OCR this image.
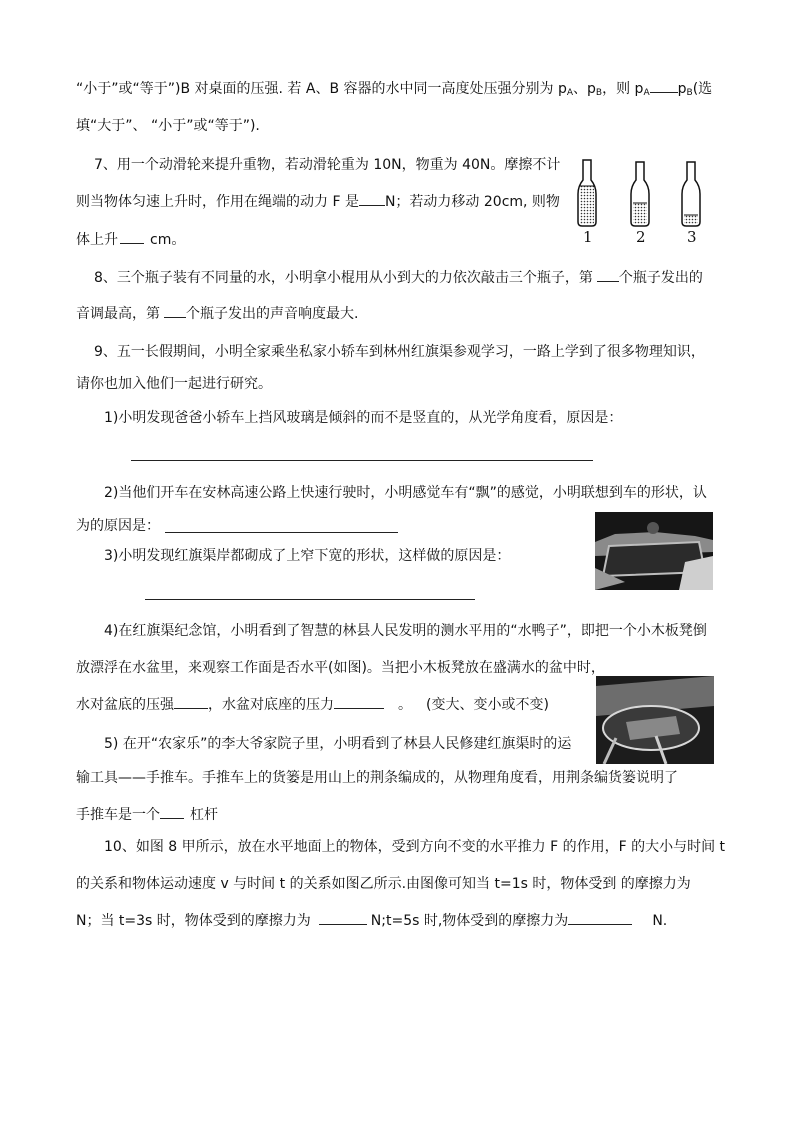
“小于”或“等于”)B 对桌面的压强. 若 A、B 容器的水中同一高度处压强分别为 $p_A$、$p_B$，则 $p_A$ $p_B$(选
填“大于”、 “小于”或“等于”).
7、用一个动滑轮来提升重物，若动滑轮重为 10N，物重为 40N。摩擦不计
则当物体匀速上升时，作用在绳端的动力 F 是 N；若动力移动 20cm, 则物
体上升 cm。	1	2	3
8、三个瓶子装有不同量的水，小明拿小棍用从小到大的力依次敲击三个瓶子，第 个瓶子发出的
音调最高，第 个瓶子发出的声音响度最大.
9、五一长假期间，小明全家乘坐私家小轿车到林州红旗渠参观学习，一路上学到了很多物理知识，
请你也加入他们一起进行研究。
1)小明发现爸爸小轿车上挡风玻璃是倾斜的而不是竖直的，从光学角度看，原因是：
2)当他们开车在安林高速公路上快速行驶时，小明感觉车有“飘”的感觉，小明联想到车的形状，认
为的原因是：
3)小明发现红旗渠岸都砌成了上窄下宽的形状，这样做的原因是：
4)在红旗渠纪念馆，小明看到了智慧的林县人民发明的测水平用的“水鸭子”，即把一个小木板凳倒
放漂浮在水盆里，来观察工作面是否水平(如图)。当把小木板凳放在盛满水的盆中时，
水对盆底的压强 ，水盆对底座的压力	。 (变大、变小或不变)
5) 在开“农家乐”的李大爷家院子里，小明看到了林县人民修建红旗渠时的运
输工具——手推车。手推车上的货篓是用山上的荆条编成的，从物理角度看，用荆条编货篓说明了
手推车是一个 杠杆
10、如图 8 甲所示，放在水平地面上的物体，受到方向不变的水平推力 F 的作用，F 的大小与时间 t
的关系和物体运动速度 v 与时间 t 的关系如图乙所示.由图像可知当 t=1s 时，物体受到 的摩擦力为
N；当 t=3s 时，物体受到的摩擦力为	N;t=5s 时,物体受到的摩擦力为	N.
